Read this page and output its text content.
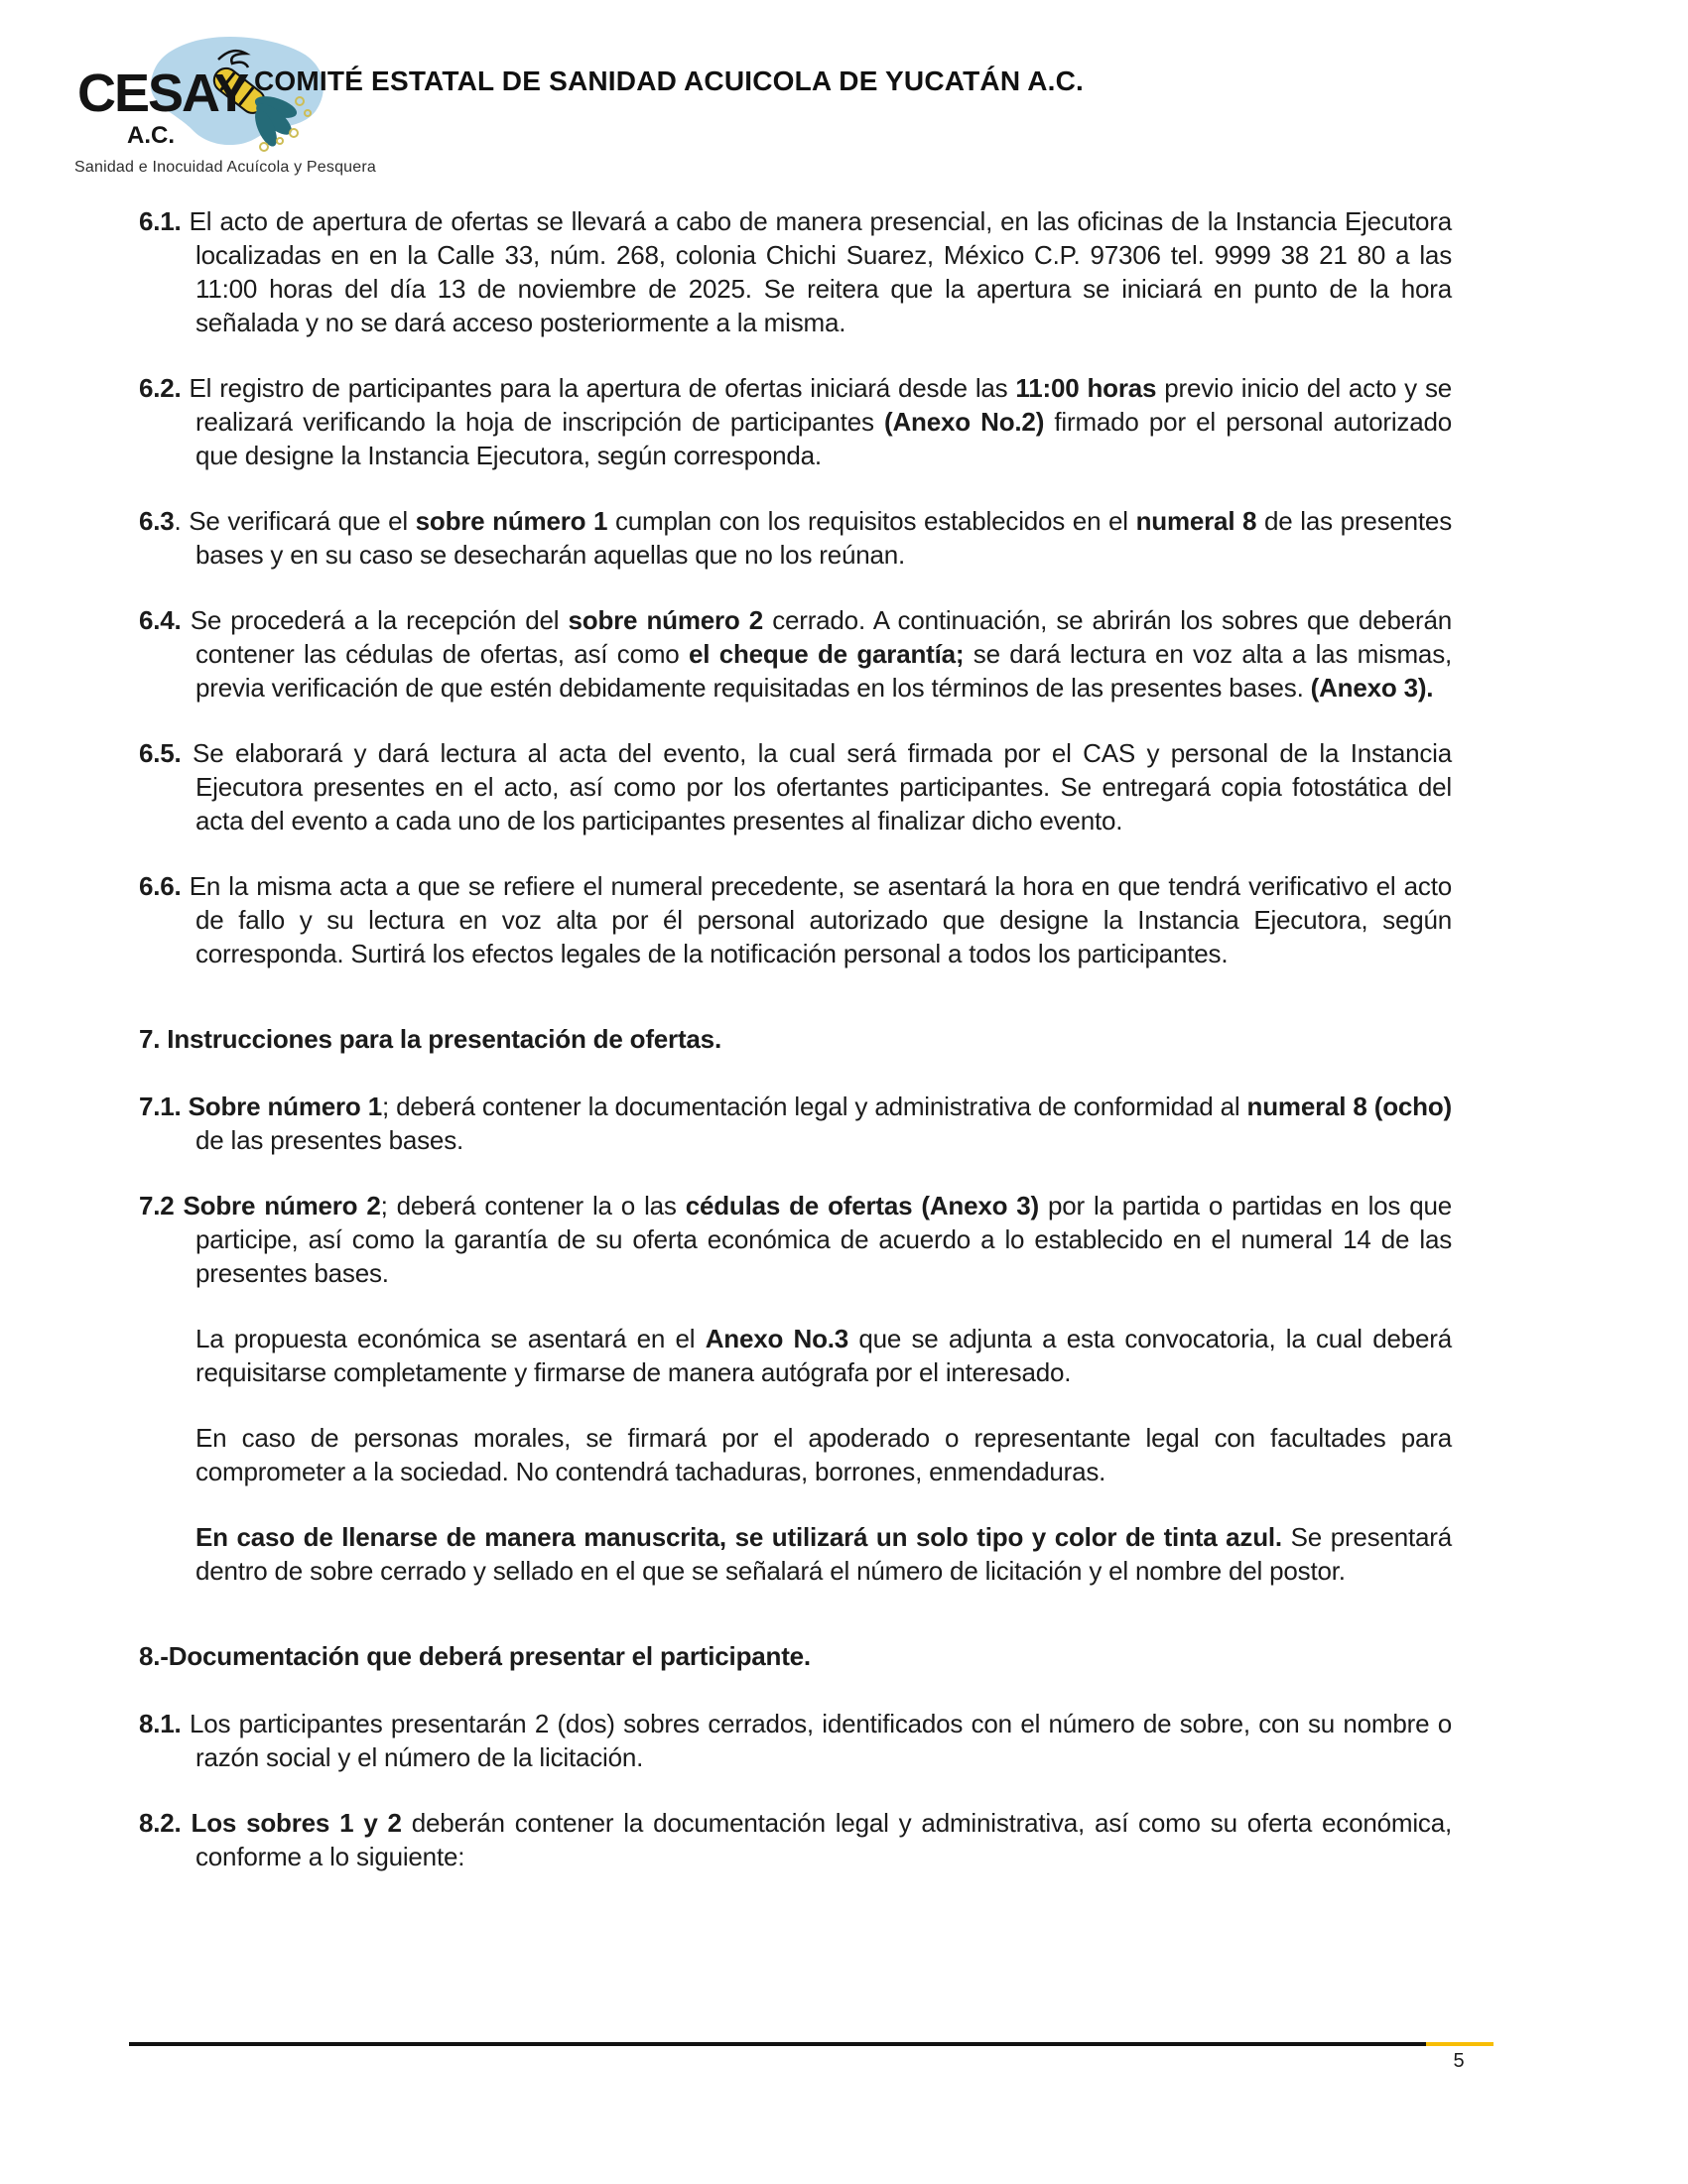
CESAY
A.C.
Sanidad e Inocuidad Acuícola y Pesquera
COMITÉ ESTATAL DE SANIDAD ACUICOLA DE YUCATÁN A.C.

6.1. El acto de apertura de ofertas se llevará a cabo de manera presencial, en las oficinas de la Instancia Ejecutora localizadas en en la Calle 33, núm. 268, colonia Chichi Suarez, México C.P. 97306 tel. 9999 38 21 80 a las 11:00 horas del día 13 de noviembre de 2025. Se reitera que la apertura se iniciará en punto de la hora señalada y no se dará acceso posteriormente a la misma.

6.2. El registro de participantes para la apertura de ofertas iniciará desde las 11:00 horas previo inicio del acto y se realizará verificando la hoja de inscripción de participantes (Anexo No.2) firmado por el personal autorizado que designe la Instancia Ejecutora, según corresponda.

6.3. Se verificará que el sobre número 1 cumplan con los requisitos establecidos en el numeral 8 de las presentes bases y en su caso se desecharán aquellas que no los reúnan.

6.4. Se procederá a la recepción del sobre número 2 cerrado. A continuación, se abrirán los sobres que deberán contener las cédulas de ofertas, así como el cheque de garantía; se dará lectura en voz alta a las mismas, previa verificación de que estén debidamente requisitadas en los términos de las presentes bases. (Anexo 3).

6.5. Se elaborará y dará lectura al acta del evento, la cual será firmada por el CAS y personal de la Instancia Ejecutora presentes en el acto, así como por los ofertantes participantes. Se entregará copia fotostática del acta del evento a cada uno de los participantes presentes al finalizar dicho evento.

6.6. En la misma acta a que se refiere el numeral precedente, se asentará la hora en que tendrá verificativo el acto de fallo y su lectura en voz alta por él personal autorizado que designe la Instancia Ejecutora, según corresponda. Surtirá los efectos legales de la notificación personal a todos los participantes.

7. Instrucciones para la presentación de ofertas.

7.1. Sobre número 1; deberá contener la documentación legal y administrativa de conformidad al numeral 8 (ocho) de las presentes bases.

7.2 Sobre número 2; deberá contener la o las cédulas de ofertas (Anexo 3) por la partida o partidas en los que participe, así como la garantía de su oferta económica de acuerdo a lo establecido en el numeral 14 de las presentes bases.

La propuesta económica se asentará en el Anexo No.3 que se adjunta a esta convocatoria, la cual deberá requisitarse completamente y firmarse de manera autógrafa por el interesado.

En caso de personas morales, se firmará por el apoderado o representante legal con facultades para comprometer a la sociedad. No contendrá tachaduras, borrones, enmendaduras.

En caso de llenarse de manera manuscrita, se utilizará un solo tipo y color de tinta azul. Se presentará dentro de sobre cerrado y sellado en el que se señalará el número de licitación y el nombre del postor.

8.-Documentación que deberá presentar el participante.

8.1. Los participantes presentarán 2 (dos) sobres cerrados, identificados con el número de sobre, con su nombre o razón social y el número de la licitación.

8.2. Los sobres 1 y 2 deberán contener la documentación legal y administrativa, así como su oferta económica, conforme a lo siguiente:

5
